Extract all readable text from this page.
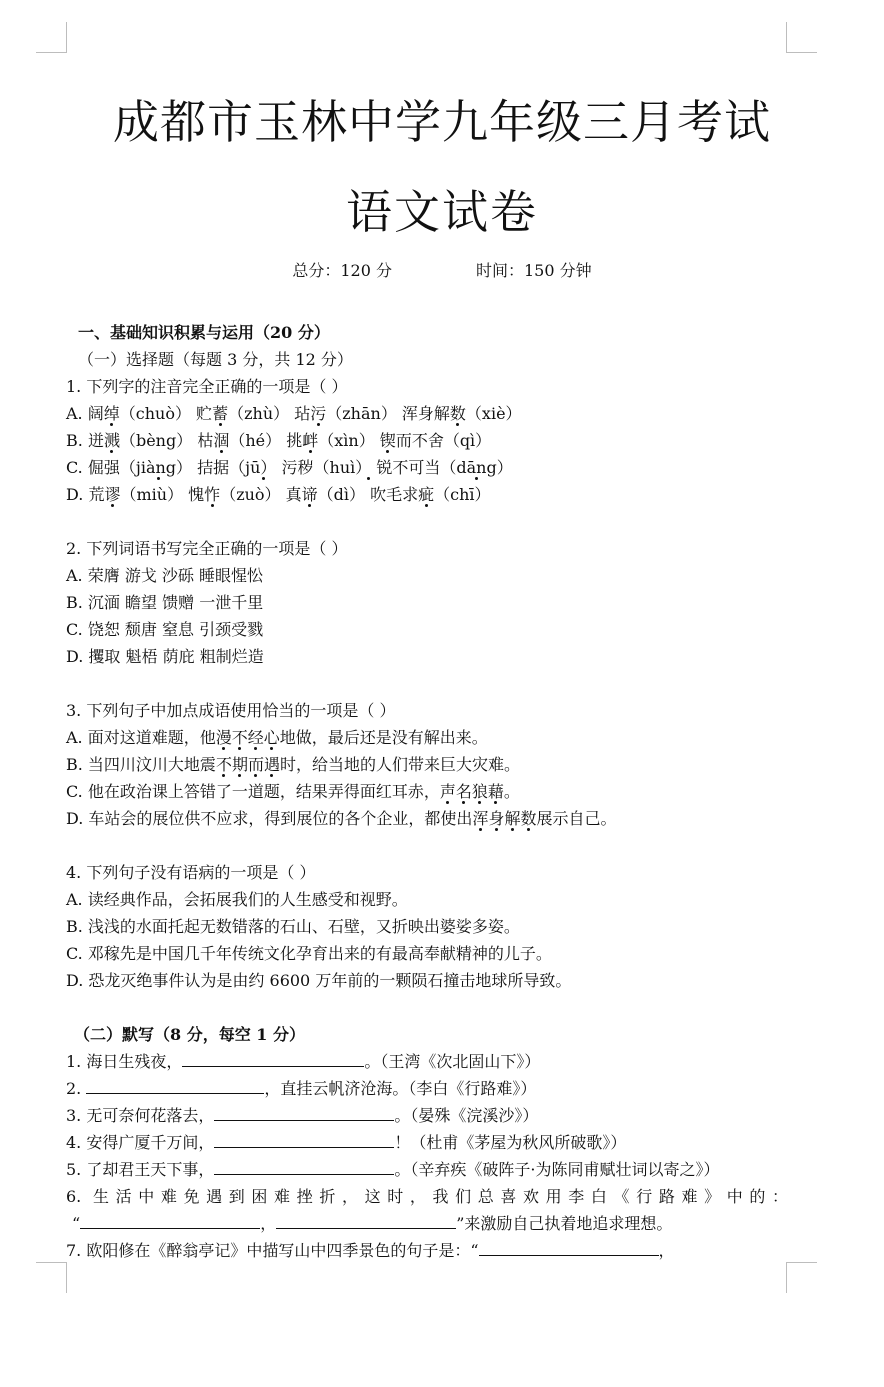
成都市玉林中学九年级三月考试
语文试卷
总分：120 分	时间：150 分钟
一、基础知识积累与运用（20 分）
（一）选择题（每题 3 分，共 12 分）
1. 下列字的注音完全正确的一项是（ ）
A. 阔绰（chuò） 贮蓄（zhù） 玷污（zhān） 浑身解数（xiè）
B. 迸溅（bèng） 枯涸（hé） 挑衅（xìn） 锲而不舍（qì）
C. 倔强（jiàng） 拮据（jū） 污秽（huì） 锐不可当（dāng）
D. 荒谬（miù） 愧怍（zuò） 真谛（dì） 吹毛求疵（chī）
2. 下列词语书写完全正确的一项是（ ）
A. 荣膺 游戈 沙砾 睡眼惺忪
B. 沉湎 瞻望 馈赠 一泄千里
C. 饶恕 颓唐 窒息 引颈受戮
D. 攫取 魁梧 荫庇 粗制烂造
3. 下列句子中加点成语使用恰当的一项是（ ）
A. 面对这道难题，他漫不经心地做，最后还是没有解出来。
B. 当四川汶川大地震不期而遇时，给当地的人们带来巨大灾难。
C. 他在政治课上答错了一道题，结果弄得面红耳赤，声名狼藉。
D. 车站会的展位供不应求，得到展位的各个企业，都使出浑身解数展示自己。
4. 下列句子没有语病的一项是（ ）
A. 读经典作品，会拓展我们的人生感受和视野。
B. 浅浅的水面托起无数错落的石山、石壁，又折映出婆娑多姿。
C. 邓稼先是中国几千年传统文化孕育出来的有最高奉献精神的儿子。
D. 恐龙灭绝事件认为是由约 6600 万年前的一颗陨石撞击地球所导致。
（二）默写（8 分，每空 1 分）
1. 海日生残夜，	。（王湾《次北固山下》）
2.	，直挂云帆济沧海。（李白《行路难》）
3. 无可奈何花落去，	。（晏殊《浣溪沙》）
4. 安得广厦千万间，	！（杜甫《茅屋为秋风所破歌》）
5. 了却君王天下事，	。（辛弃疾《破阵子·为陈同甫赋壮词以寄之》）
6. 生活中难免遇到困难挫折，这时，我们总喜欢用李白《行路难》中的：
“	，	”来激励自己执着地追求理想。
7. 欧阳修在《醉翁亭记》中描写山中四季景色的句子是：“	，
